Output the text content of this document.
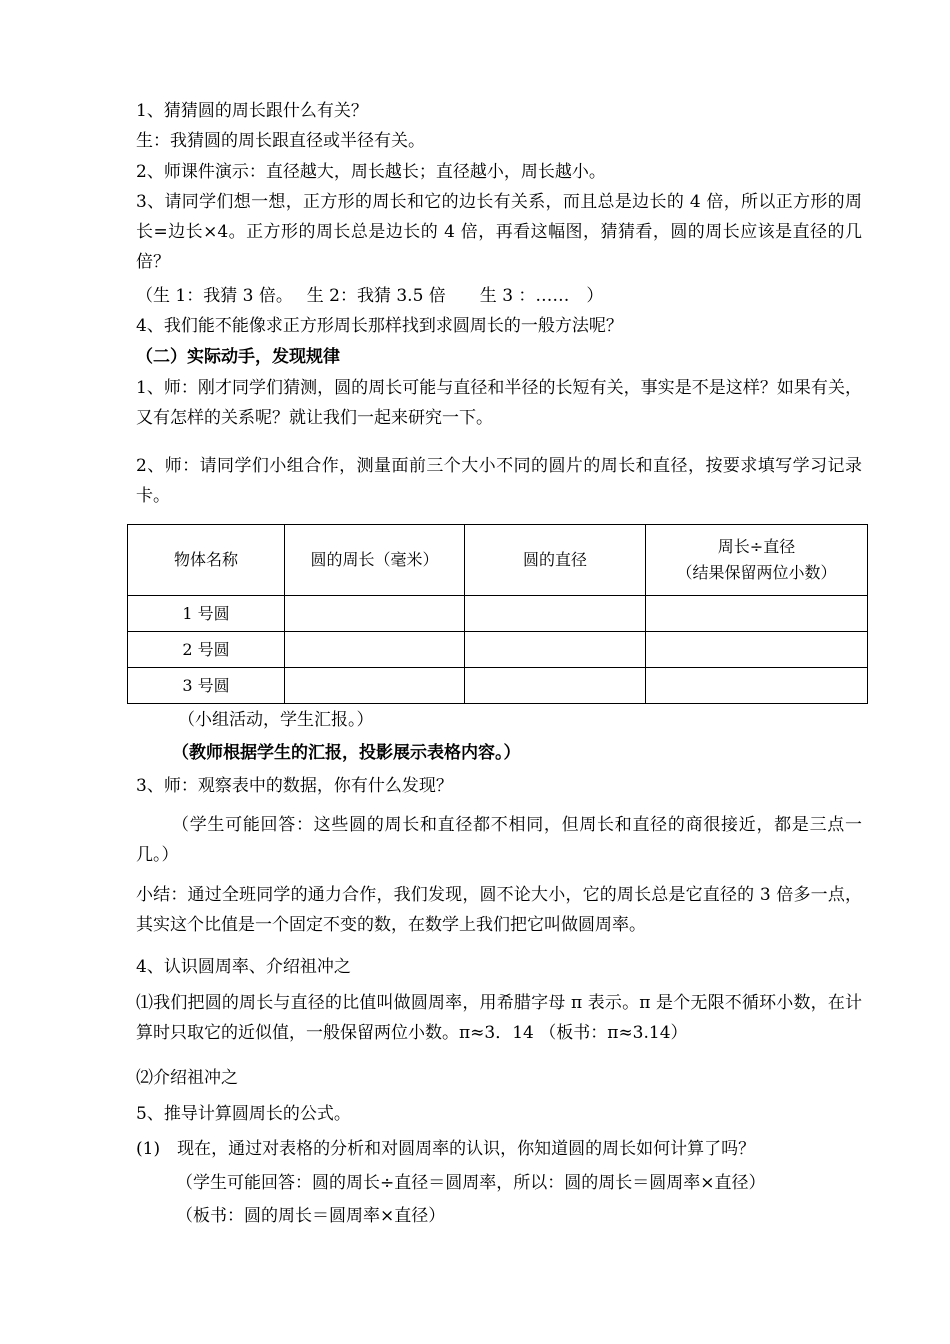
1、猜猜圆的周长跟什么有关？

生：我猜圆的周长跟直径或半径有关。

2、师课件演示：直径越大，周长越长；直径越小，周长越小。

3、请同学们想一想，正方形的周长和它的边长有关系，而且总是边长的 4 倍，所以正方形的周长=边长×4。正方形的周长总是边长的 4 倍，再看这幅图，猜猜看，圆的周长应该是直径的几倍？

（生 1：我猜 3 倍。　 生 2：我猜 3.5 倍　　生 3 ：……　）

4、我们能不能像求正方形周长那样找到求圆周长的一般方法呢？

（二）实际动手，发现规律

1、师：刚才同学们猜测，圆的周长可能与直径和半径的长短有关，事实是不是这样？如果有关，又有怎样的关系呢？就让我们一起来研究一下。

2、师：请同学们小组合作，测量面前三个大小不同的圆片的周长和直径，按要求填写学习记录卡。

物体名称	圆的周长（毫米）	圆的直径	周长÷直径
（结果保留两位小数）

1 号圆			
2 号圆			
3 号圆			

（小组活动，学生汇报。）

（教师根据学生的汇报，投影展示表格内容。）

3、师：观察表中的数据，你有什么发现？

（学生可能回答：这些圆的周长和直径都不相同，但周长和直径的商很接近，都是三点一几。）

小结：通过全班同学的通力合作，我们发现，圆不论大小，它的周长总是它直径的 3 倍多一点，其实这个比值是一个固定不变的数，在数学上我们把它叫做圆周率。

4、认识圆周率、介绍祖冲之

⑴我们把圆的周长与直径的比值叫做圆周率，用希腊字母 π 表示。π 是个无限不循环小数，在计算时只取它的近似值，一般保留两位小数。π≈3．14 （板书：π≈3.14）

⑵介绍祖冲之

5、推导计算圆周长的公式。

(1)　现在，通过对表格的分析和对圆周率的认识，你知道圆的周长如何计算了吗？

（学生可能回答：圆的周长÷直径＝圆周率，所以：圆的周长＝圆周率×直径）

（板书：圆的周长＝圆周率×直径）
